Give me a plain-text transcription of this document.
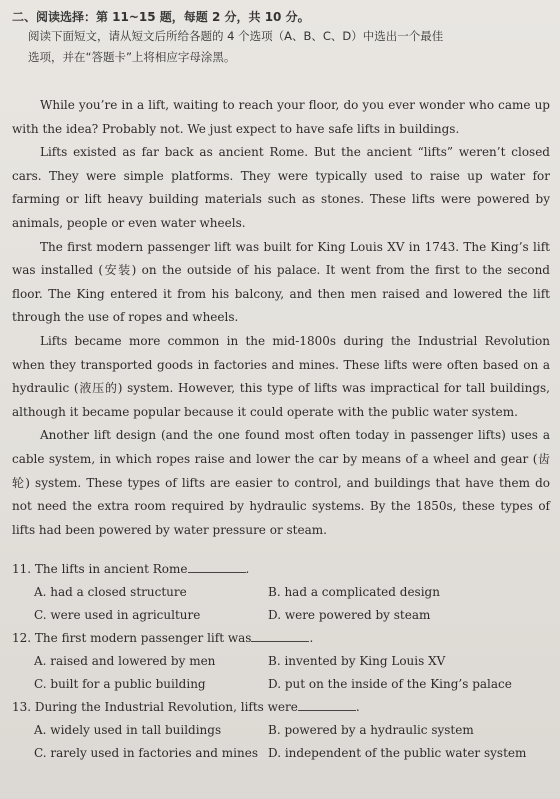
二、阅读选择：第 11~15 题，每题 2 分，共 10 分。
阅读下面短文，请从短文后所给各题的 4 个选项（A、B、C、D）中选出一个最佳
选项，并在“答题卡”上将相应字母涂黑。

While you’re in a lift, waiting to reach your floor, do you ever wonder who came up with the idea? Probably not. We just expect to have safe lifts in buildings.

Lifts existed as far back as ancient Rome. But the ancient “lifts” weren’t closed cars. They were simple platforms. They were typically used to raise up water for farming or lift heavy building materials such as stones. These lifts were powered by animals, people or even water wheels.

The first modern passenger lift was built for King Louis XV in 1743. The King’s lift was installed (安装) on the outside of his palace. It went from the first to the second floor. The King entered it from his balcony, and then men raised and lowered the lift through the use of ropes and wheels.

Lifts became more common in the mid-1800s during the Industrial Revolution when they transported goods in factories and mines. These lifts were often based on a hydraulic (液压的) system. However, this type of lifts was impractical for tall buildings, although it became popular because it could operate with the public water system.

Another lift design (and the one found most often today in passenger lifts) uses a cable system, in which ropes raise and lower the car by means of a wheel and gear (齿轮) system. These types of lifts are easier to control, and buildings that have them do not need the extra room required by hydraulic systems. By the 1850s, these types of lifts had been powered by water pressure or steam.

11. The lifts in ancient Rome	.
A. had a closed structure	B. had a complicated design
C. were used in agriculture	D. were powered by steam
12. The first modern passenger lift was	.
A. raised and lowered by men	B. invented by King Louis XV
C. built for a public building	D. put on the inside of the King’s palace
13. During the Industrial Revolution, lifts were	.
A. widely used in tall buildings	B. powered by a hydraulic system
C. rarely used in factories and mines D. independent of the public water system
